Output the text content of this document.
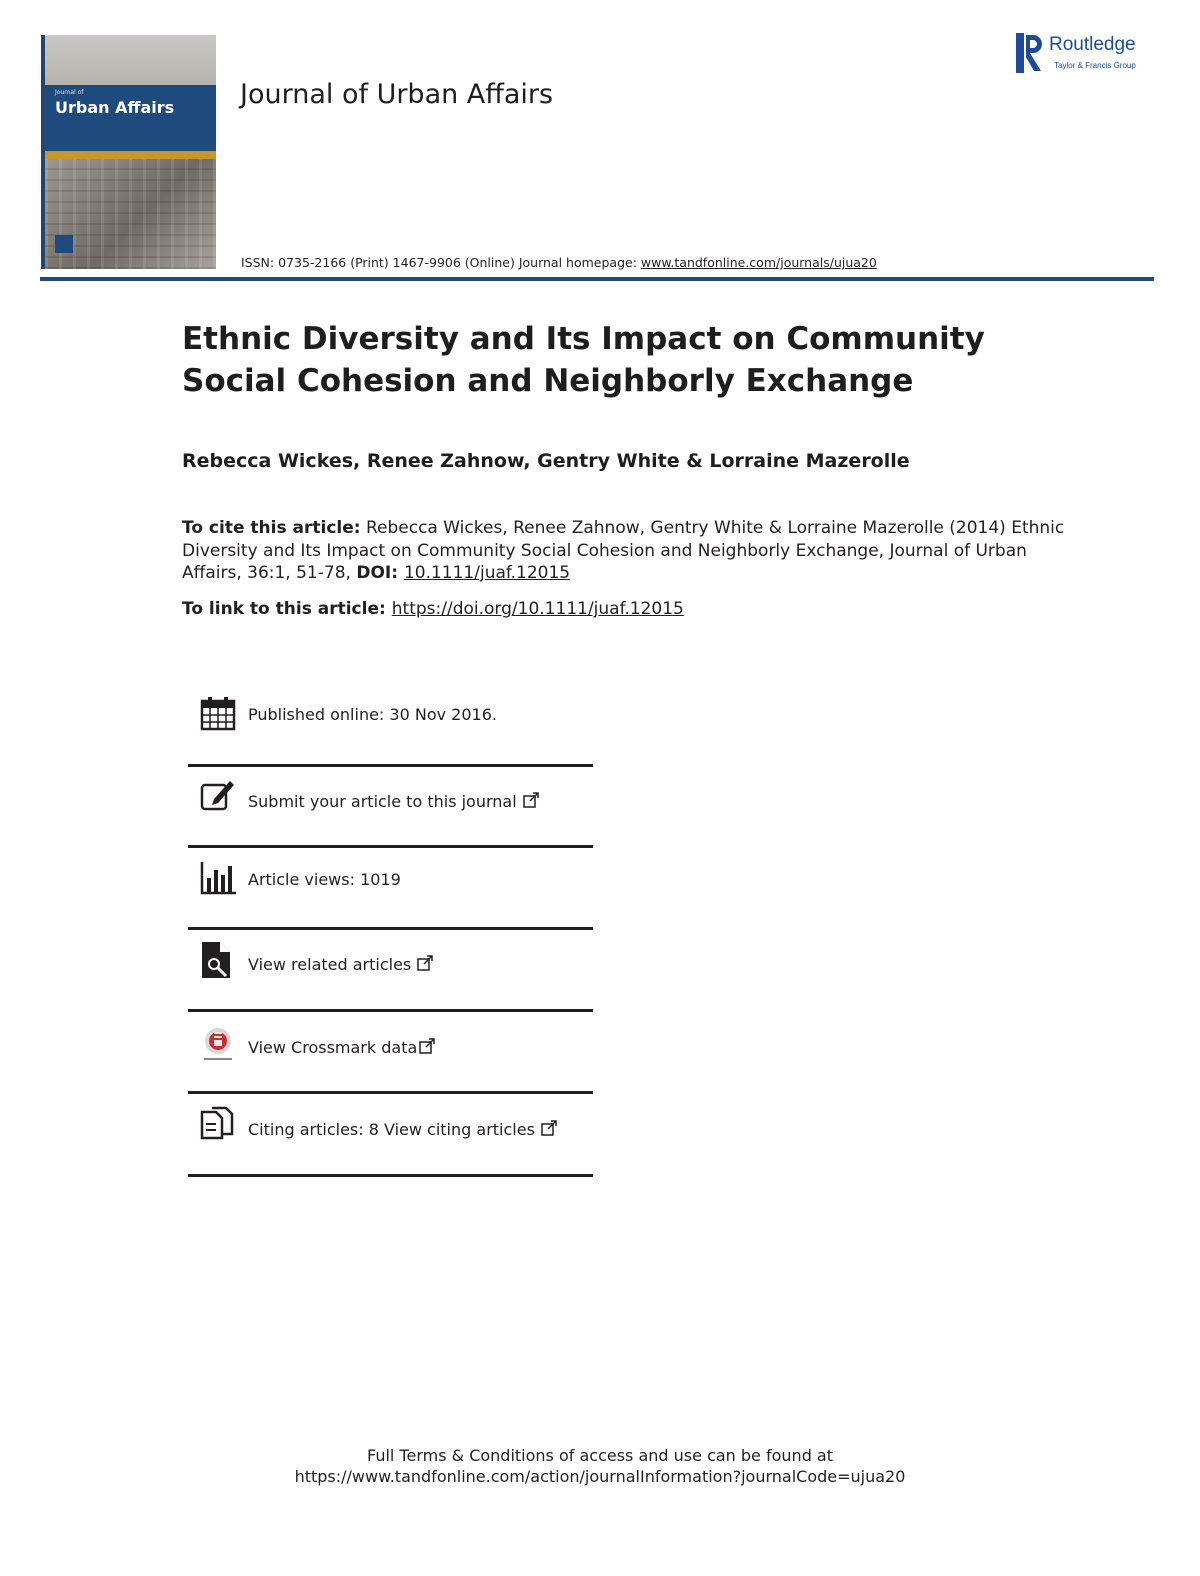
Journal of
Urban Affairs Journal of Urban Affairs
ISSN: 0735-2166 (Print) 1467-9906 (Online) Journal homepage: www.tandfonline.com/journals/ujua20
Routledge
Taylor & Francis Group
Ethnic Diversity and Its Impact on Community Social Cohesion and Neighborly Exchange
Rebecca Wickes, Renee Zahnow, Gentry White & Lorraine Mazerolle
To cite this article: Rebecca Wickes, Renee Zahnow, Gentry White & Lorraine Mazerolle (2014) Ethnic Diversity and Its Impact on Community Social Cohesion and Neighborly Exchange, Journal of Urban Affairs, 36:1, 51-78, DOI: 10.1111/juaf.12015
To link to this article: https://doi.org/10.1111/juaf.12015
Published online: 30 Nov 2016.
Submit your article to this journal
Article views: 1019
View related articles
View Crossmark data
Citing articles: 8 View citing articles
Full Terms & Conditions of access and use can be found at
https://www.tandfonline.com/action/journalInformation?journalCode=ujua20
